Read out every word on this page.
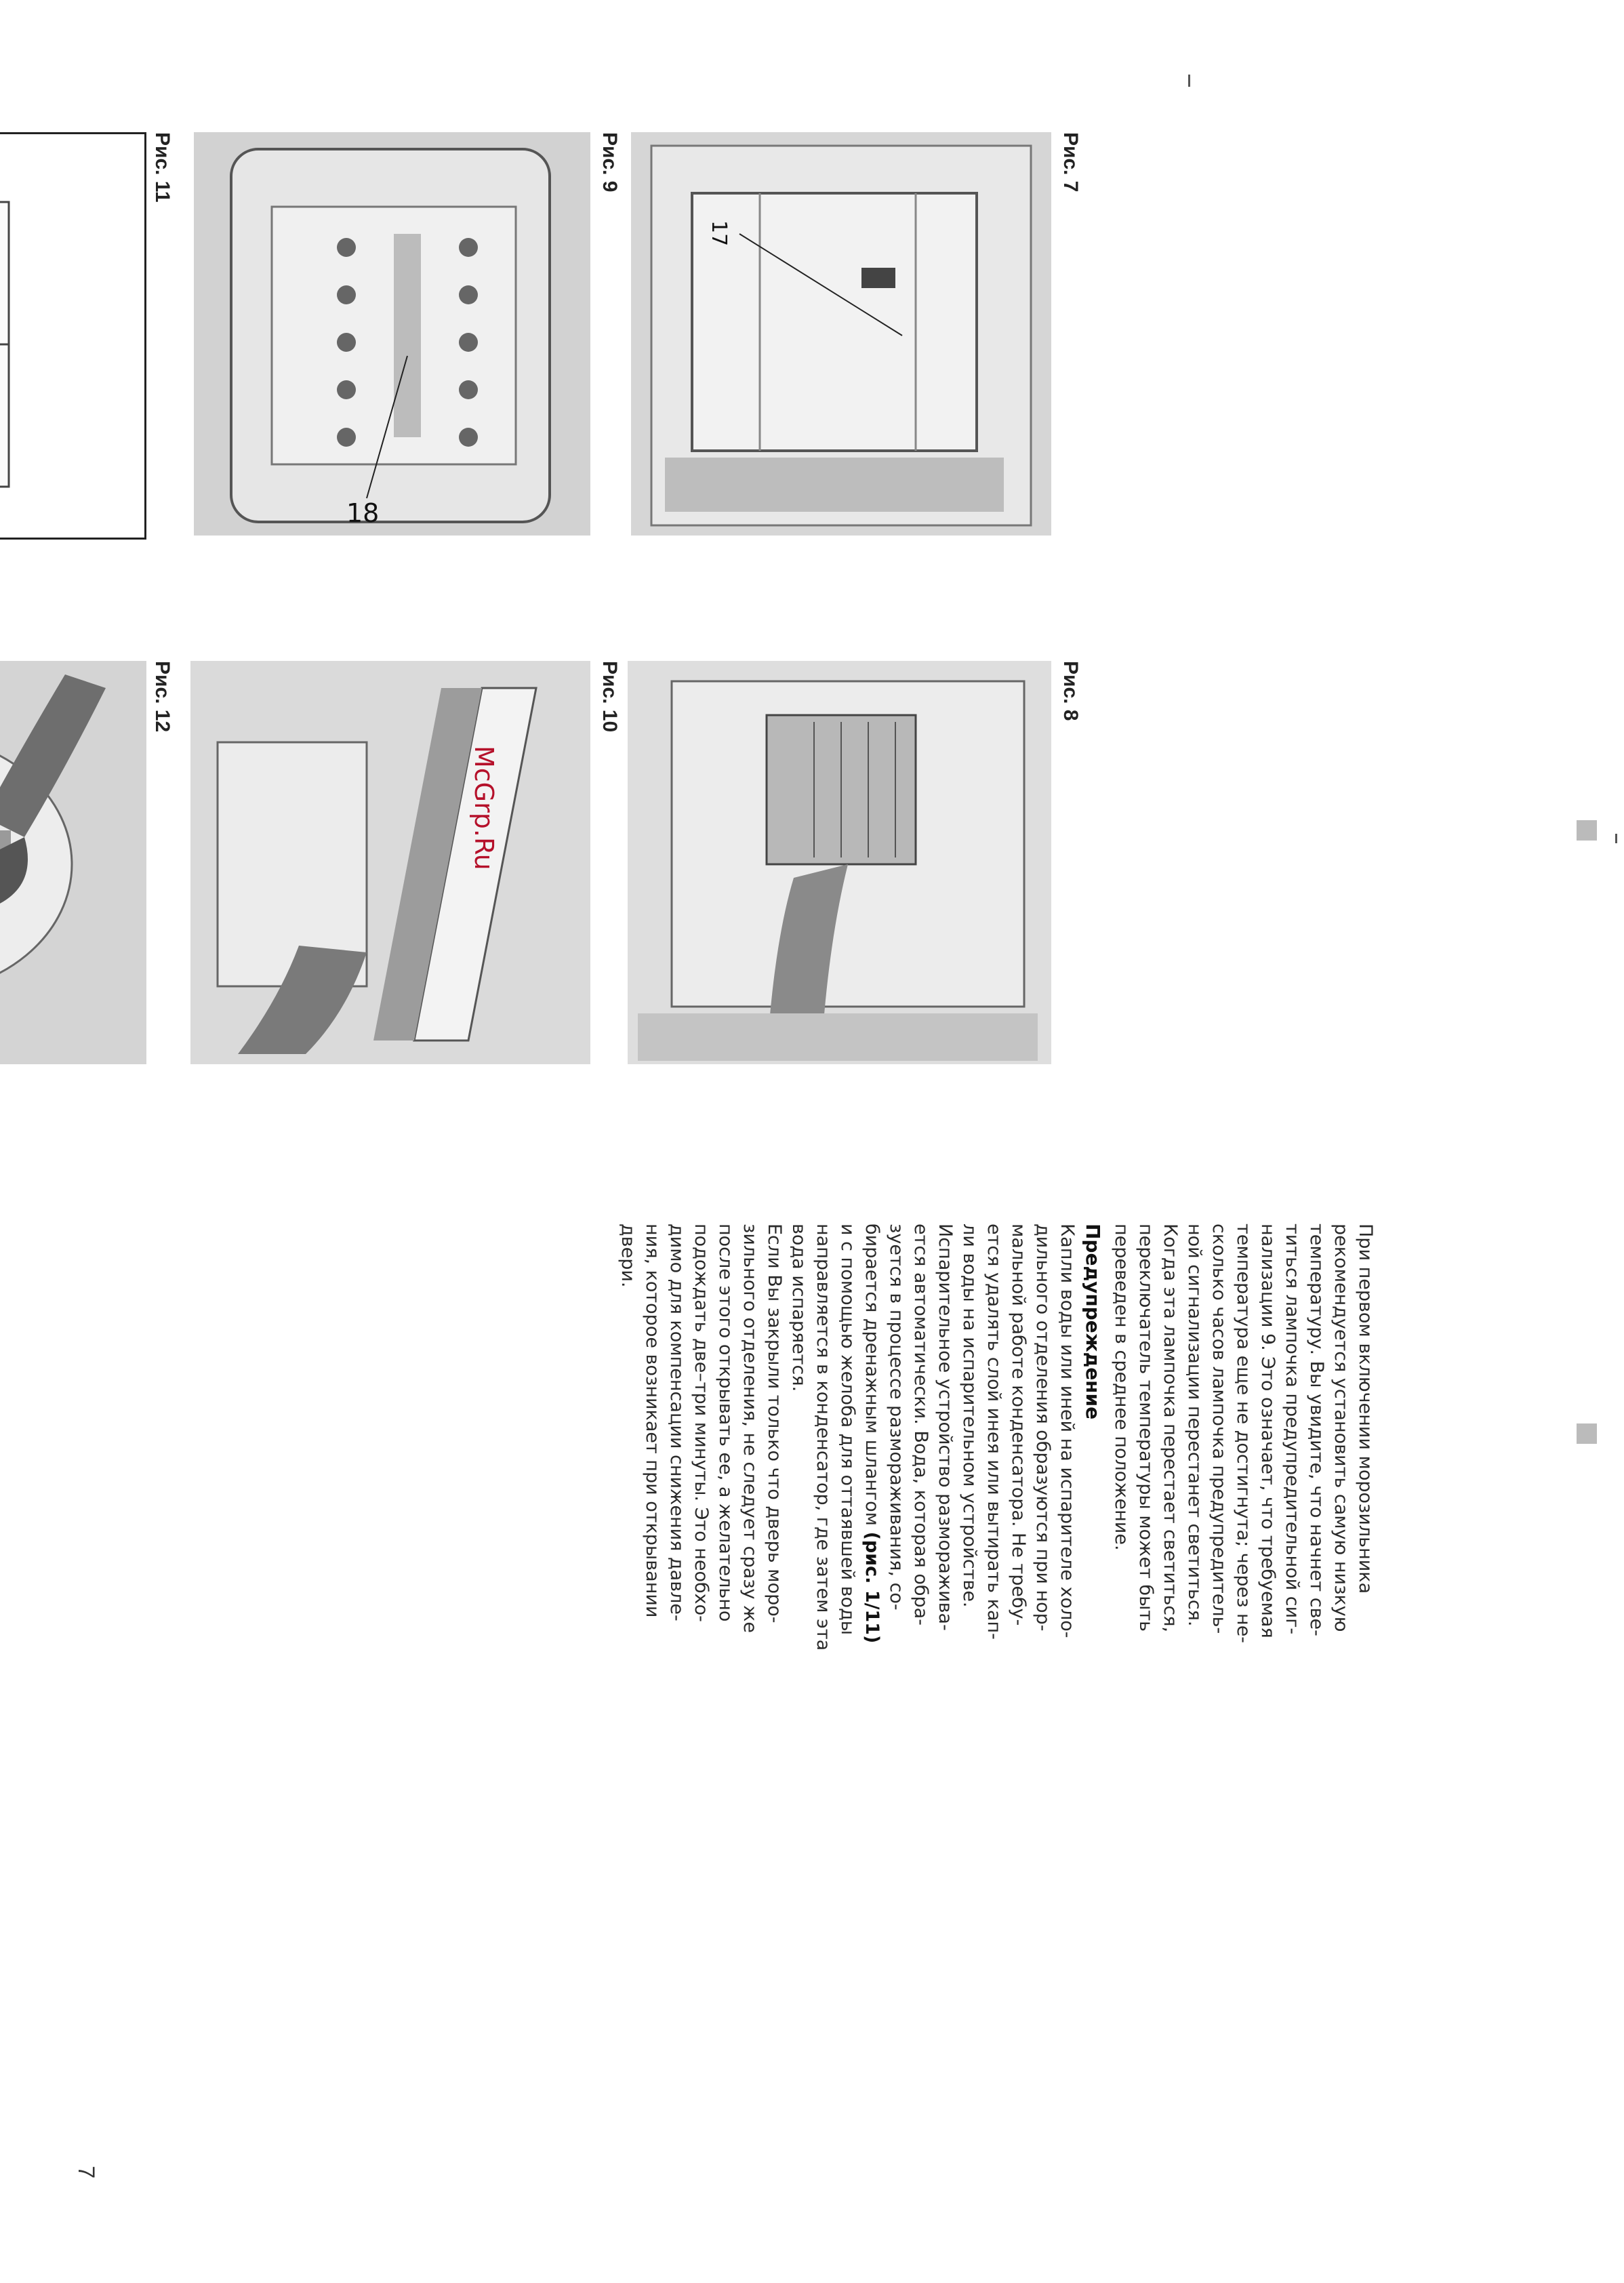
Рис. 7
17
Рис. 8
Рис. 9
18
Рис. 10
Рис. 11
Рис. 12
McGrp.Ru

При первом включении морозильника

рекомендуется установить самую низкую

температуру. Вы увидите, что начнет све-

титься лампочка предупредительной сиг-

нализации 9. Это означает, что требуемая

температура еще не достигнута; через не-

сколько часов лампочка предупредитель-

ной сигнализации перестанет светиться.

Когда эта лампочка перестает светиться,

переключатель температуры может быть

переведен в среднее положение.

Предупреждение

Капли воды или иней на испарителе холо-

дильного отделения образуются при нор-

мальной работе конденсатора. Не требу-

ется удалять слой инея или вытирать кап-

ли воды на испарительном устройстве.

Испарительное устройство разморажива-

ется автоматически. Вода, которая обра-

зуется в процессе размораживания, со-

бирается дренажным шлангом (рис. 1/11)

и с помощью желоба для оттаявшей воды

направляется в конденсатор, где затем эта

вода испаряется.

Если Вы закрыли только что дверь моро-

зильного отделения, не следует сразу же

после этого открывать ее, а желательно

подождать две–три минуты. Это необхо-

димо для компенсации снижения давле-

ния, которое возникает при открывании

двери.

7
